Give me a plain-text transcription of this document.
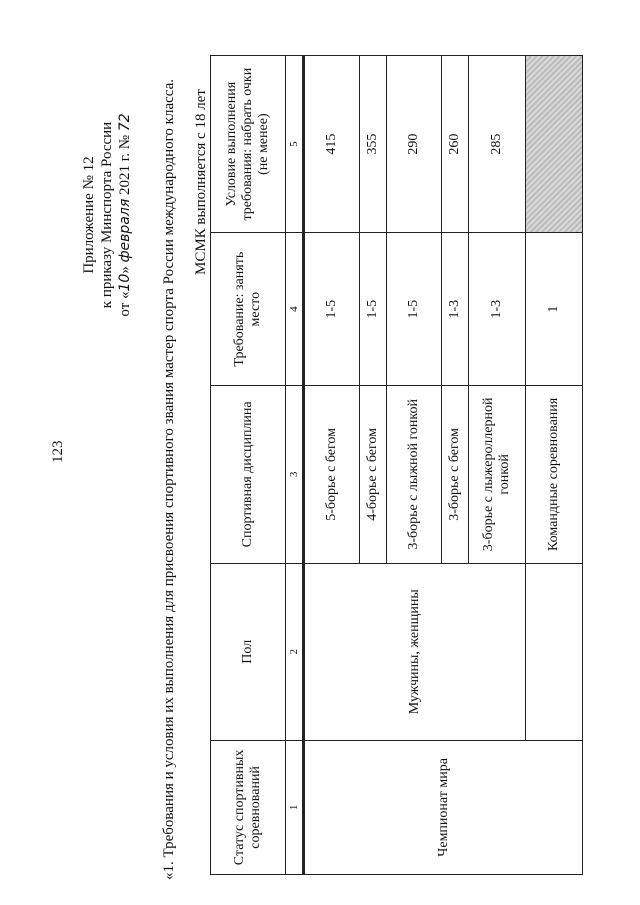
123
Приложение № 12 к приказу Минспорта России от «10» февраля 2021 г. № 72 «1. Требования и условия их выполнения для присвоения спортивного звания мастер спорта России международного класса. МСМК выполняется с 18 лет
Статус спортивных соревнований	Пол	Спортивная дисциплина	Требование: занять место	Условие выполнения требования: набрать очки (не менее)
1	2	3	4	5
Чемпионат мира	Мужчины, женщины	5-борье с бегом	1-5	415
		4-борье с бегом	1-5	355
		3-борье с лыжной гонкой	1-5	290
		3-борье с бегом	1-3	260
		3-борье с лыжероллерной гонкой	1-3	285
		Командные соревнования	1	
